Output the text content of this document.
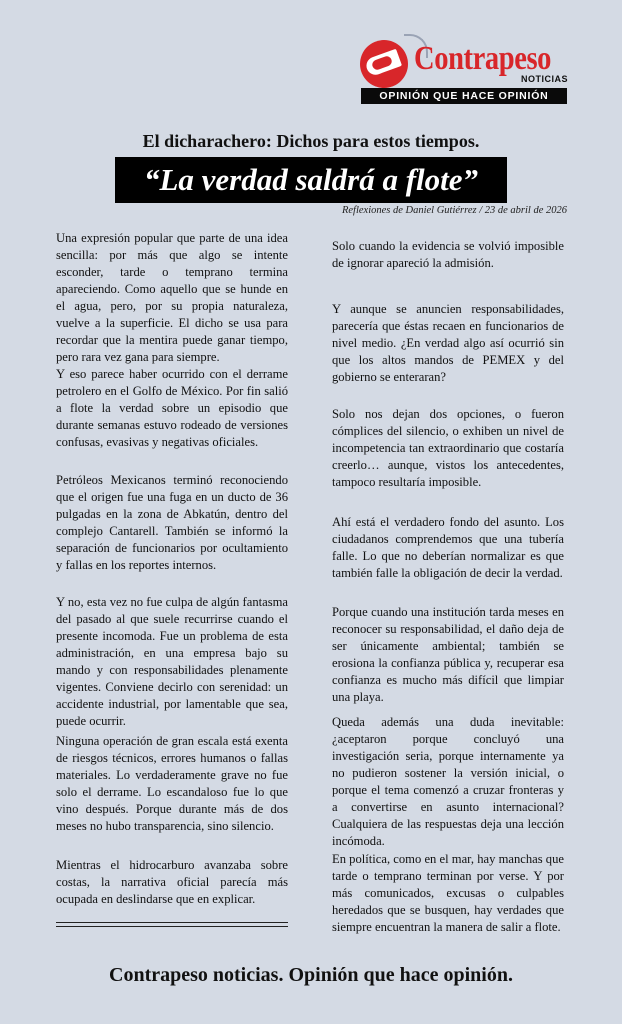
Contrapeso
NOTICIAS
OPINIÓN QUE HACE OPINIÓN
El dicharachero: Dichos para estos tiempos.
“La verdad saldrá a flote”
Reflexiones de Daniel Gutiérrez / 23 de abril de 2026

Una expresión popular que parte de una idea sencilla: por más que algo se intente esconder, tarde o temprano termina apareciendo. Como aquello que se hunde en el agua, pero, por su propia naturaleza, vuelve a la superficie. El dicho se usa para recordar que la mentira puede ganar tiempo, pero rara vez gana para siempre.

Y eso parece haber ocurrido con el derrame petrolero en el Golfo de México. Por fin salió a flote la verdad sobre un episodio que durante semanas estuvo rodeado de versiones confusas, evasivas y negativas oficiales.

Petróleos Mexicanos terminó reconociendo que el origen fue una fuga en un ducto de 36 pulgadas en la zona de Abkatún, dentro del complejo Cantarell. También se informó la separación de funcionarios por ocultamiento y fallas en los reportes internos.

Y no, esta vez no fue culpa de algún fantasma del pasado al que suele recurrirse cuando el presente incomoda. Fue un problema de esta administración, en una empresa bajo su mando y con responsabilidades plenamente vigentes. Conviene decirlo con serenidad: un accidente industrial, por lamentable que sea, puede ocurrir.

Ninguna operación de gran escala está exenta de riesgos técnicos, errores humanos o fallas materiales. Lo verdaderamente grave no fue solo el derrame. Lo escandaloso fue lo que vino después. Porque durante más de dos meses no hubo transparencia, sino silencio.

Mientras el hidrocarburo avanzaba sobre costas, la narrativa oficial parecía más ocupada en deslindarse que en explicar.

Solo cuando la evidencia se volvió imposible de ignorar apareció la admisión.

Y aunque se anuncien responsabilidades, parecería que éstas recaen en funcionarios de nivel medio. ¿En verdad algo así ocurrió sin que los altos mandos de PEMEX y del gobierno se enteraran?

Solo nos dejan dos opciones, o fueron cómplices del silencio, o exhiben un nivel de incompetencia tan extraordinario que costaría creerlo… aunque, vistos los antecedentes, tampoco resultaría imposible.

Ahí está el verdadero fondo del asunto. Los ciudadanos comprendemos que una tubería falle. Lo que no deberían normalizar es que también falle la obligación de decir la verdad.

Porque cuando una institución tarda meses en reconocer su responsabilidad, el daño deja de ser únicamente ambiental; también se erosiona la confianza pública y, recuperar esa confianza es mucho más difícil que limpiar una playa.

Queda además una duda inevitable: ¿aceptaron porque concluyó una investigación seria, porque internamente ya no pudieron sostener la versión inicial, o porque el tema comenzó a cruzar fronteras y a convertirse en asunto internacional? Cualquiera de las respuestas deja una lección incómoda.

En política, como en el mar, hay manchas que tarde o temprano terminan por verse. Y por más comunicados, excusas o culpables heredados que se busquen, hay verdades que siempre encuentran la manera de salir a flote.

Contrapeso noticias. Opinión que hace opinión.
